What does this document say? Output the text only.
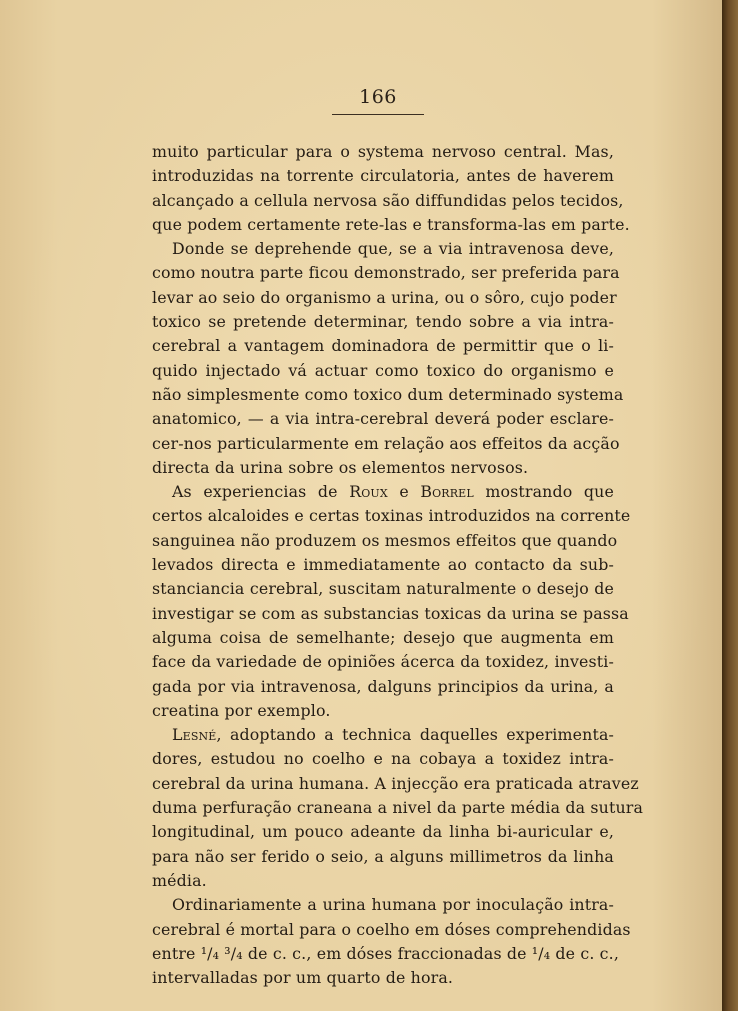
166
muito particular para o systema nervoso central. Mas,
introduzidas na torrente circulatoria, antes de haverem
alcançado a cellula nervosa são diffundidas pelos tecidos,
que podem certamente rete-las e transforma-las em parte.
Donde se deprehende que, se a via intravenosa deve,
como noutra parte ficou demonstrado, ser preferida para
levar ao seio do organismo a urina, ou o sôro, cujo poder
toxico se pretende determinar, tendo sobre a via intra-
cerebral a vantagem dominadora de permittir que o li-
quido injectado vá actuar como toxico do organismo e
não simplesmente como toxico dum determinado systema
anatomico, — a via intra-cerebral deverá poder esclare-
cer-nos particularmente em relação aos effeitos da acção
directa da urina sobre os elementos nervosos.
As experiencias de Roux e Borrel mostrando que
certos alcaloides e certas toxinas introduzidos na corrente
sanguinea não produzem os mesmos effeitos que quando
levados directa e immediatamente ao contacto da sub-
stanciancia cerebral, suscitam naturalmente o desejo de
investigar se com as substancias toxicas da urina se passa
alguma coisa de semelhante; desejo que augmenta em
face da variedade de opiniões ácerca da toxidez, investi-
gada por via intravenosa, dalguns principios da urina, a
creatina por exemplo.
Lesné, adoptando a technica daquelles experimenta-
dores, estudou no coelho e na cobaya a toxidez intra-
cerebral da urina humana. A injecção era praticada atravez
duma perfuração craneana a nivel da parte média da sutura
longitudinal, um pouco adeante da linha bi-auricular e,
para não ser ferido o seio, a alguns millimetros da linha
média.
Ordinariamente a urina humana por inoculação intra-
cerebral é mortal para o coelho em dóses comprehendidas
entre ¹/₄ ³/₄ de c. c., em dóses fraccionadas de ¹/₄ de c. c.,
intervalladas por um quarto de hora.
